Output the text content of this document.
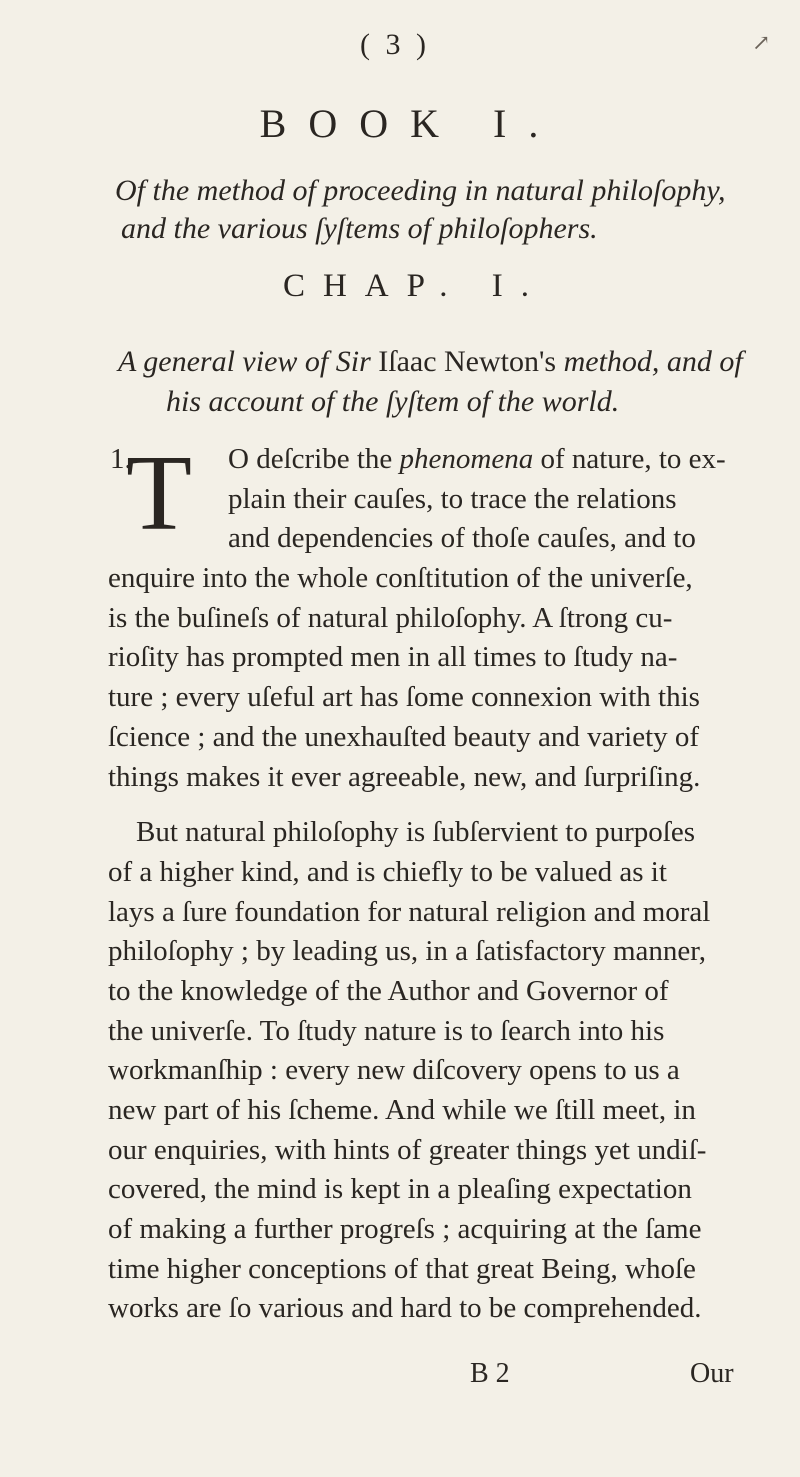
( 3 )	↗
BOOK I.
Of the method of proceeding in natural philoſophy,
and the various ſyſtems of philoſophers.
CHAP. I.
A general view of Sir Iſaac Newton's method, and of
his account of the ſyſtem of the world.
1.
T	O deſcribe the phenomena of nature, to ex-
plain their cauſes, to trace the relations
and dependencies of thoſe cauſes, and to
enquire into the whole conſtitution of the univerſe,
is the buſineſs of natural philoſophy. A ſtrong cu-
rioſity has prompted men in all times to ſtudy na-
ture ; every uſeful art has ſome connexion with this
ſcience ; and the unexhauſted beauty and variety of
things makes it ever agreeable, new, and ſurpriſing.
But natural philoſophy is ſubſervient to purpoſes
of a higher kind, and is chiefly to be valued as it
lays a ſure foundation for natural religion and moral
philoſophy ; by leading us, in a ſatisfactory manner,
to the knowledge of the Author and Governor of
the univerſe. To ſtudy nature is to ſearch into his
workmanſhip : every new diſcovery opens to us a
new part of his ſcheme. And while we ſtill meet, in
our enquiries, with hints of greater things yet undiſ-
covered, the mind is kept in a pleaſing expectation
of making a further progreſs ; acquiring at the ſame
time higher conceptions of that great Being, whoſe
works are ſo various and hard to be comprehended.
B 2	Our
